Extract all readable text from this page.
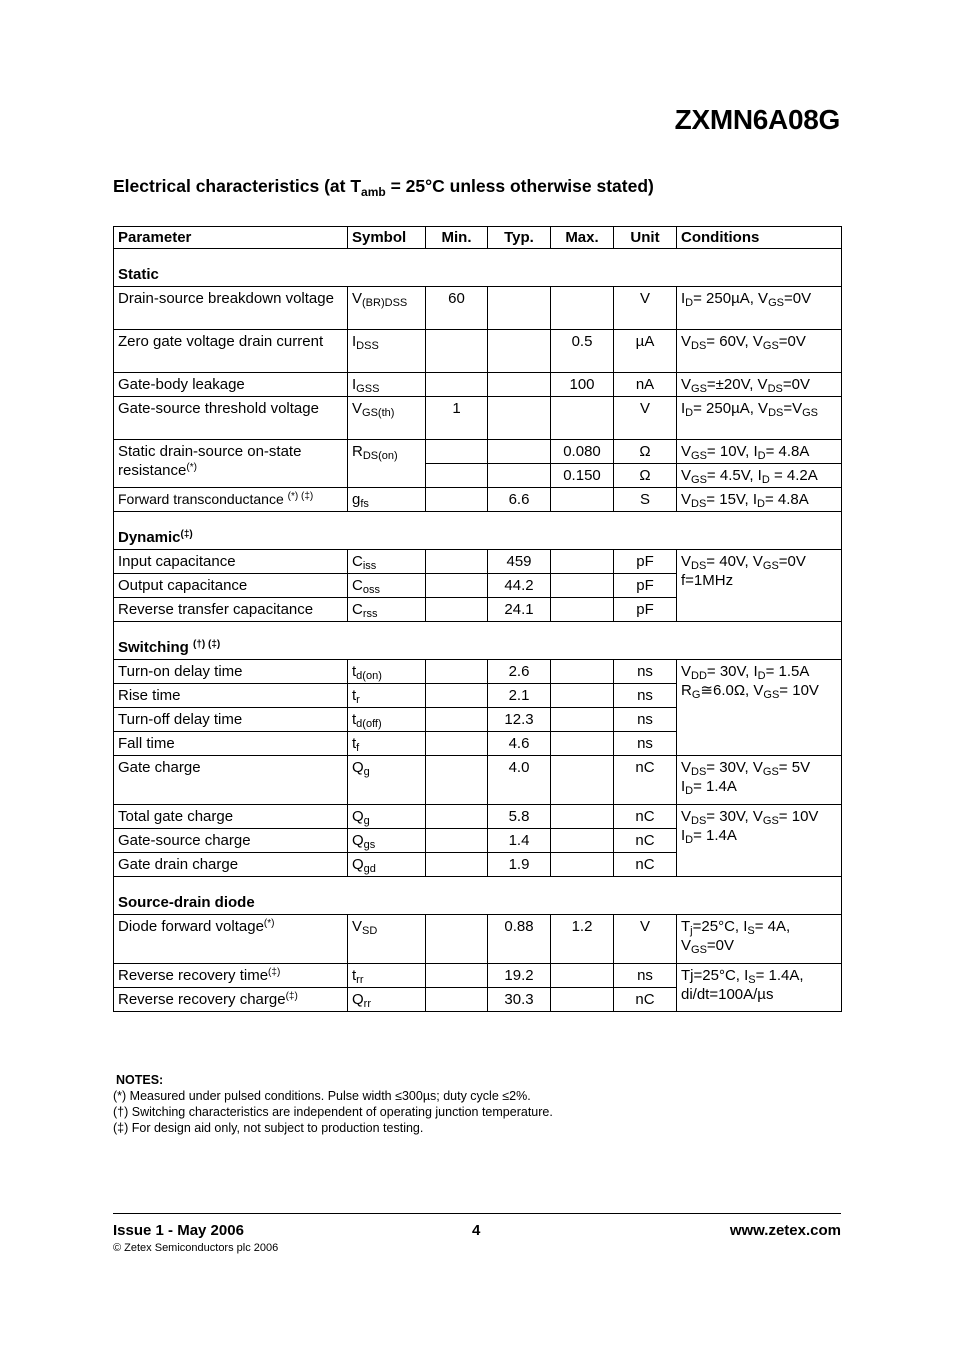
ZXMN6A08G
Electrical characteristics (at $T_{amb} = 25^\circ C$ unless otherwise stated)
Parameter	Symbol	Min.	Typ.	Max.	Unit	Conditions
Static						
Drain-source breakdown voltage	$V_{(BR)DSS}$	60			V	$I_D= 250\mu A$, $V_{GS}=0V$
Zero gate voltage drain current	$I_{DSS}$			0.5	µA	$V_{DS}= 60V$, $V_{GS}=0V$
Gate-body leakage	$I_{GSS}$			100	nA	$V_{GS}=\pm 20V$, $V_{DS}=0V$
Gate-source threshold voltage	$V_{GS(th)}$	1			V	$I_D= 250\mu A$, $V_{DS}=V_{GS}$
Static drain-source on-state resistance(*)	$R_{DS(on)}$			0.080	Ω	$V_{GS}= 10V$, $I_D= 4.8A$
				0.150	Ω	$V_{GS}= 4.5V$, $I_D = 4.2A$
Forward transconductance (*) (‡)	$g_{fs}$		6.6		S	$V_{DS}= 15V$, $I_D= 4.8A$
Dynamic(‡)
Input capacitance	$C_{iss}$		459		pF	$V_{DS}= 40V$, $V_{GS}=0V$
f=1MHz

Output capacitance	$C_{oss}$		44.2		pF	
Reverse transfer capacitance	$C_{rss}$		24.1		pF	
Switching (†) (‡)
Turn-on delay time	$t_{d(on)}$		2.6		ns	$V_{DD}= 30V$, $I_D= 1.5A$
$R_G≅6.0\Omega$, $V_{GS}= 10V$

Rise time	$t_r$		2.1		ns	
Turn-off delay time	$t_{d(off)}$		12.3		ns	
Fall time	$t_f$		4.6		ns	
Gate charge	$Q_g$		4.0		nC	$V_{DS}= 30V$, $V_{GS}= 5V$
$I_D= 1.4A$

Total gate charge	$Q_g$		5.8		nC	$V_{DS}= 30V$, $V_{GS}= 10V$
$I_D= 1.4A$

Gate-source charge	$Q_{gs}$		1.4		nC	
Gate drain charge	$Q_{gd}$		1.9		nC	
Source-drain diode						
Diode forward voltage(*)	$V_{SD}$		0.88	1.2	V	$T_j=25^\circ C$, $I_S= 4A$,
$V_{GS}=0V$

Reverse recovery time(‡)	$t_{rr}$		19.2		ns	Tj=25°C, $I_S= 1.4A$,
di/dt=100A/µs

Reverse recovery charge(‡)	$Q_{rr}$		30.3		nC	
NOTES:
(*) Measured under pulsed conditions. Pulse width ≤300µs; duty cycle ≤2%.
(†) Switching characteristics are independent of operating junction temperature.
(‡) For design aid only, not subject to production testing.
Issue 1 - May 2006	4	www.zetex.com
© Zetex Semiconductors plc 2006
